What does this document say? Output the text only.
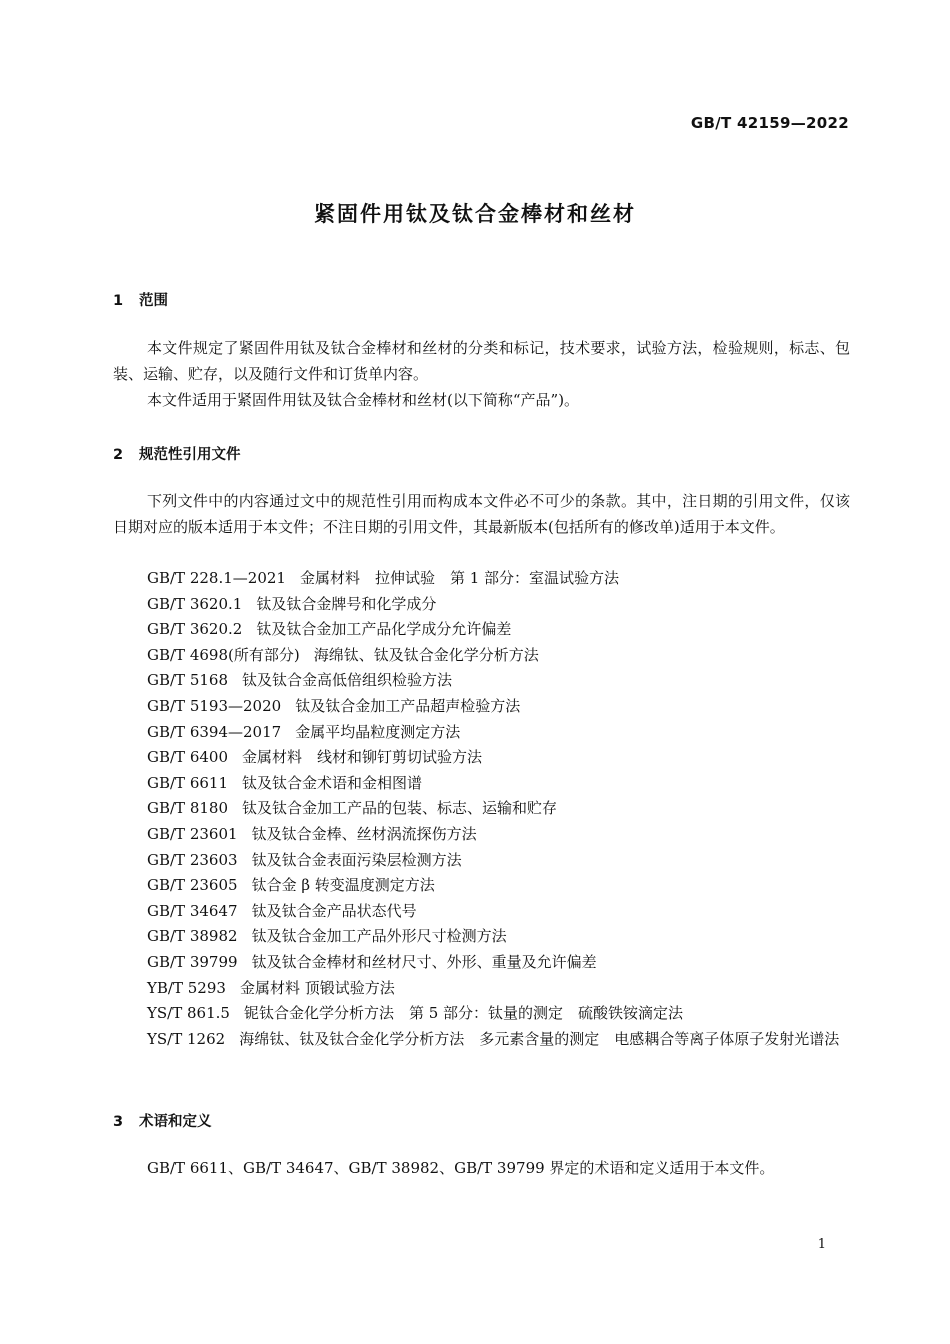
GB/T 42159—2022
紧固件用钛及钛合金棒材和丝材
1 范围

本文件规定了紧固件用钛及钛合金棒材和丝材的分类和标记，技术要求，试验方法，检验规则，标志、包装、运输、贮存，以及随行文件和订货单内容。

本文件适用于紧固件用钛及钛合金棒材和丝材(以下简称“产品”)。

2 规范性引用文件

下列文件中的内容通过文中的规范性引用而构成本文件必不可少的条款。其中，注日期的引用文件，仅该日期对应的版本适用于本文件；不注日期的引用文件，其最新版本(包括所有的修改单)适用于本文件。

GB/T 228.1—2021 金属材料　拉伸试验　第 1 部分：室温试验方法
GB/T 3620.1 钛及钛合金牌号和化学成分
GB/T 3620.2 钛及钛合金加工产品化学成分允许偏差
GB/T 4698(所有部分) 海绵钛、钛及钛合金化学分析方法
GB/T 5168 钛及钛合金高低倍组织检验方法
GB/T 5193—2020 钛及钛合金加工产品超声检验方法
GB/T 6394—2017 金属平均晶粒度测定方法
GB/T 6400 金属材料　线材和铆钉剪切试验方法
GB/T 6611 钛及钛合金术语和金相图谱
GB/T 8180 钛及钛合金加工产品的包装、标志、运输和贮存
GB/T 23601 钛及钛合金棒、丝材涡流探伤方法
GB/T 23603 钛及钛合金表面污染层检测方法
GB/T 23605 钛合金 β 转变温度测定方法
GB/T 34647 钛及钛合金产品状态代号
GB/T 38982 钛及钛合金加工产品外形尺寸检测方法
GB/T 39799 钛及钛合金棒材和丝材尺寸、外形、重量及允许偏差
YB/T 5293 金属材料 顶锻试验方法
YS/T 861.5 铌钛合金化学分析方法　第 5 部分：钛量的测定　硫酸铁铵滴定法
YS/T 1262 海绵钛、钛及钛合金化学分析方法　多元素含量的测定　电感耦合等离子体原子发射光谱法
3 术语和定义

GB/T 6611、GB/T 34647、GB/T 38982、GB/T 39799 界定的术语和定义适用于本文件。

1
